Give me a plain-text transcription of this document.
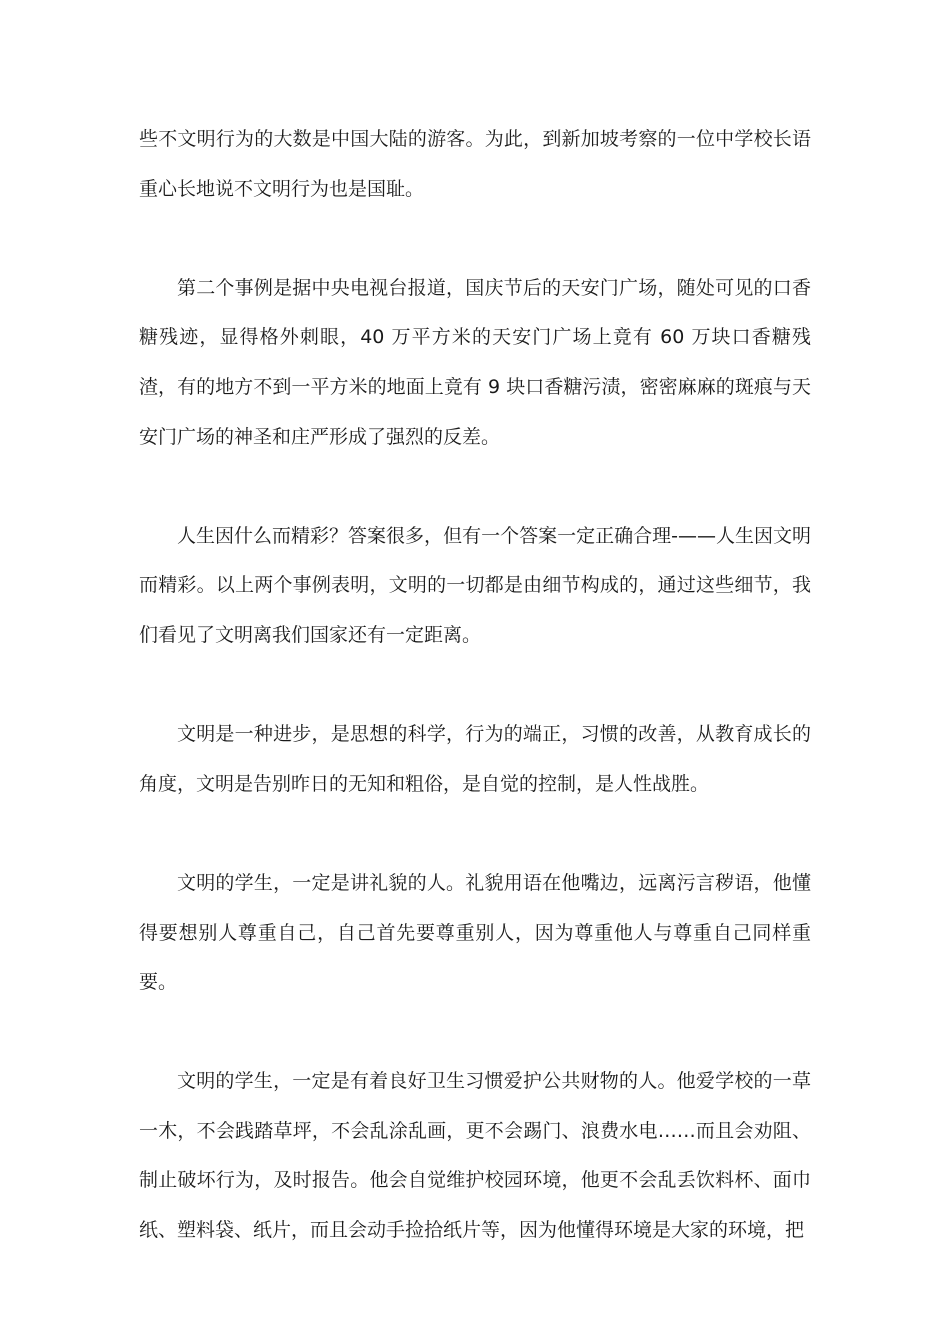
些不文明行为的大数是中国大陆的游客。为此，到新加坡考察的一位中学校长语重心长地说不文明行为也是国耻。

第二个事例是据中央电视台报道，国庆节后的天安门广场，随处可见的口香糖残迹，显得格外刺眼，40 万平方米的天安门广场上竟有 60 万块口香糖残渣，有的地方不到一平方米的地面上竟有 9 块口香糖污渍，密密麻麻的斑痕与天安门广场的神圣和庄严形成了强烈的反差。

人生因什么而精彩？答案很多，但有一个答案一定正确合理-——人生因文明而精彩。以上两个事例表明，文明的一切都是由细节构成的，通过这些细节，我们看见了文明离我们国家还有一定距离。

文明是一种进步，是思想的科学，行为的端正，习惯的改善，从教育成长的角度，文明是告别昨日的无知和粗俗，是自觉的控制，是人性战胜。

文明的学生，一定是讲礼貌的人。礼貌用语在他嘴边，远离污言秽语，他懂得要想别人尊重自己，自己首先要尊重别人，因为尊重他人与尊重自己同样重要。

文明的学生，一定是有着良好卫生习惯爱护公共财物的人。他爱学校的一草一木，不会践踏草坪，不会乱涂乱画，更不会踢门、浪费水电……而且会劝阻、制止破坏行为，及时报告。他会自觉维护校园环境，他更不会乱丢饮料杯、面巾纸、塑料袋、纸片，而且会动手捡拾纸片等，因为他懂得环境是大家的环境，把
